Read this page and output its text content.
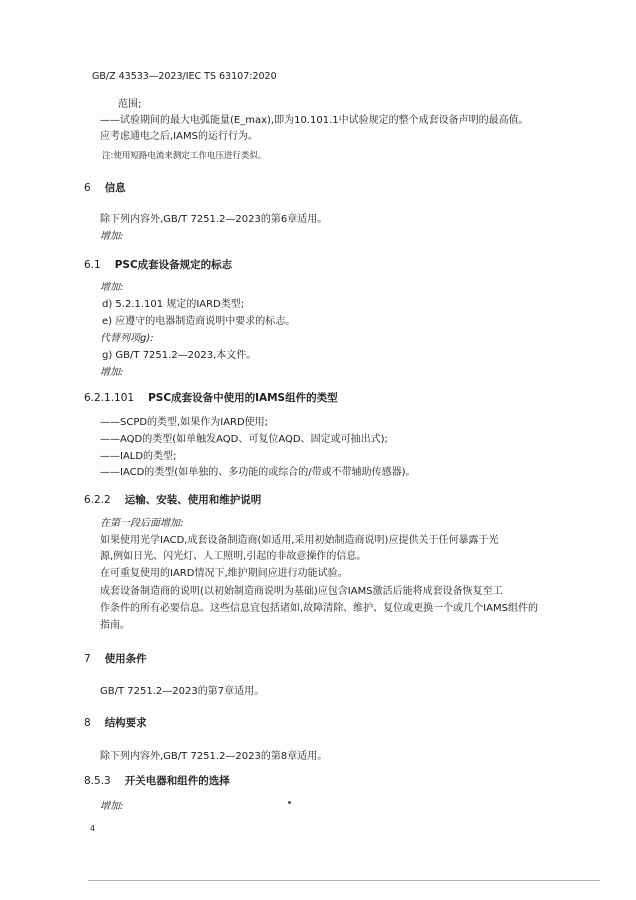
GB/Z 43533—2023/IEC TS 63107:2020
范围;
——试验期间的最大电弧能量(E_max),即为10.101.1中试验规定的整个成套设备声明的最高值。
应考虑通电之后,IAMS的运行行为。
注:使用短路电流来测定工作电压进行类似。
6 信息
除下列内容外,GB/T 7251.2—2023的第6章适用。
增加:
6.1 PSC成套设备规定的标志
增加:
d) 5.2.1.101 规定的IARD类型;
e) 应遵守的电器制造商说明中要求的标志。
代替列项g):
g) GB/T 7251.2—2023,本文件。
增加:
6.2.1.101 PSC成套设备中使用的IAMS组件的类型
——SCPD的类型,如果作为IARD使用;
——AQD的类型(如单触发AQD、可复位AQD、固定或可抽出式);
——IALD的类型;
——IACD的类型(如单独的、多功能的或综合的/带或不带辅助传感器)。
6.2.2 运输、安装、使用和维护说明
在第一段后面增加:
如果使用光学IACD,成套设备制造商(如适用,采用初始制造商说明)应提供关于任何暴露于光
源,例如日光、闪光灯、人工照明,引起的非故意操作的信息。
在可重复使用的IARD情况下,维护期间应进行功能试验。
成套设备制造商的说明(以初始制造商说明为基础)应包含IAMS激活后能将成套设备恢复至工
作条件的所有必要信息。这些信息宜包括诸如,故障清除、维护、复位或更换一个或几个IAMS组件的
指南。
7 使用条件
GB/T 7251.2—2023的第7章适用。
8 结构要求
除下列内容外,GB/T 7251.2—2023的第8章适用。
8.5.3 开关电器和组件的选择
增加:
4
